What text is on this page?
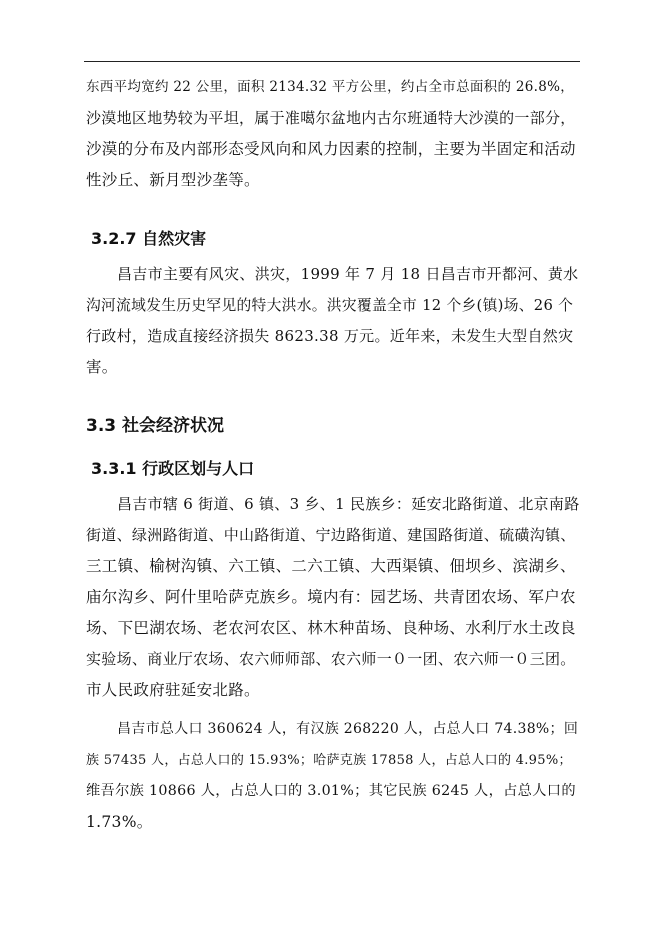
东西平均宽约 22 公里，面积 2134.32 平方公里，约占全市总面积的 26.8%，
沙漠地区地势较为平坦，属于准噶尔盆地内古尔班通特大沙漠的一部分，
沙漠的分布及内部形态受风向和风力因素的控制，主要为半固定和活动
性沙丘、新月型沙垄等。

3.2.7 自然灾害

昌吉市主要有风灾、洪灾，1999 年 7 月 18 日昌吉市开都河、黄水
沟河流域发生历史罕见的特大洪水。洪灾覆盖全市 12 个乡(镇)场、26 个
行政村，造成直接经济损失 8623.38 万元。近年来，未发生大型自然灾
害。

3.3 社会经济状况
3.3.1 行政区划与人口

昌吉市辖 6 街道、6 镇、3 乡、1 民族乡：延安北路街道、北京南路
街道、绿洲路街道、中山路街道、宁边路街道、建国路街道、硫磺沟镇、
三工镇、榆树沟镇、六工镇、二六工镇、大西渠镇、佃坝乡、滨湖乡、
庙尔沟乡、阿什里哈萨克族乡。境内有：园艺场、共青团农场、军户农
场、下巴湖农场、老农河农区、林木种苗场、良种场、水利厅水土改良
实验场、商业厅农场、农六师师部、农六师一０一团、农六师一０三团。
市人民政府驻延安北路。

昌吉市总人口 360624 人，有汉族 268220 人，占总人口 74.38%；回
族 57435 人，占总人口的 15.93%；哈萨克族 17858 人，占总人口的 4.95%；
维吾尔族 10866 人，占总人口的 3.01%；其它民族 6245 人，占总人口的
1.73%。
